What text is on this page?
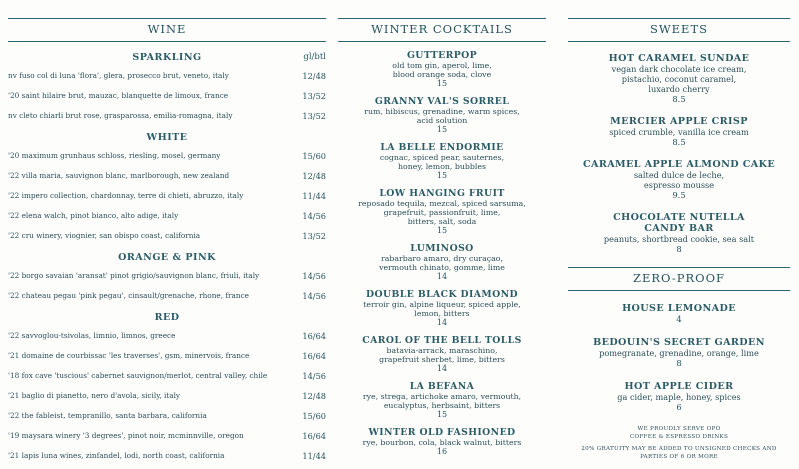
WINE
SPARKLING	gl/btl
nv fuso col di luna 'flora', glera, prosecco brut, veneto, italy	12/48
'20 saint hilaire brut, mauzac, blanquette de limoux, france	13/52
nv cleto chiarli brut rose, grasparossa, emilia-romagna, italy	13/52
WHITE
'20 maximum grunhaus schloss, riesling, mosel, germany	15/60
'22 villa maria, sauvignon blanc, marlborough, new zealand	12/48
'22 impero collection, chardonnay, terre di chieti, abruzzo, italy	11/44
'22 elena walch, pinot bianco, alto adige, italy	14/56
'22 cru winery, viognier, san obispo coast, california	13/52
ORANGE & PINK
'22 borgo savaian 'aransat' pinot grigio/sauvignon blanc, friuli, italy	14/56
'22 chateau pegau 'pink pegau', cinsault/grenache, rhone, france	14/56
RED
'22 savvoglou-tsivolas, limnio, limnos, greece	16/64
'21 domaine de courbissac 'les traverses', gsm, minervois, france	16/64
'18 fox cave 'tuscious' cabernet sauvignon/merlot, central valley, chile	14/56
'21 baglio di pianetto, nero d'avola, sicily, italy	12/48
'22 the fableist, tempranillo, santa barbara, california	15/60
'19 maysara winery '3 degrees', pinot noir, mcminnville, oregon	16/64
'21 lapis luna wines, zinfandel, lodi, north coast, california	11/44
WINTER COCKTAILS
GUTTERPOP
old tom gin, aperol, lime,
blood orange soda, clove
15
GRANNY VAL'S SORREL
rum, hibiscus, grenadine, warm spices,
acid solution
15
LA BELLE ENDORMIE
cognac, spiced pear, sauternes,
honey, lemon, bubbles
15
LOW HANGING FRUIT
reposado tequila, mezcal, spiced sarsuma,
grapefruit, passionfruit, lime,
bitters, salt, soda
15
LUMINOSO
rabarbaro amaro, dry curaçao,
vermouth chinato, gomme, lime
14
DOUBLE BLACK DIAMOND
terroir gin, alpine liqueur, spiced apple,
lemon, bitters
14
CAROL OF THE BELL TOLLS
batavia-arrack, maraschino,
grapefruit sherbet, lime, bitters
14
LA BEFANA
rye, strega, artichoke amaro, vermouth,
eucalyptus, herbsaint, bitters
15
WINTER OLD FASHIONED
rye, bourbon, cola, black walnut, bitters
16
SWEETS
HOT CARAMEL SUNDAE
vegan dark chocolate ice cream,
pistachio, coconut caramel,
luxardo cherry
8.5
MERCIER APPLE CRISP
spiced crumble, vanilla ice cream
8.5
CARAMEL APPLE ALMOND CAKE
salted dulce de leche,
espresso mousse
9.5
CHOCOLATE NUTELLA
CANDY BAR
peanuts, shortbread cookie, sea salt
8
ZERO-PROOF
HOUSE LEMONADE
4
BEDOUIN'S SECRET GARDEN
pomegranate, grenadine, orange, lime
8
HOT APPLE CIDER
ga cider, maple, honey, spices
6
WE PROUDLY SERVE OPO
COFFEE & ESPRESSO DRINKS
20% GRATUITY MAY BE ADDED TO UNSIGNED CHECKS AND
PARTIES OF 6 OR MORE
